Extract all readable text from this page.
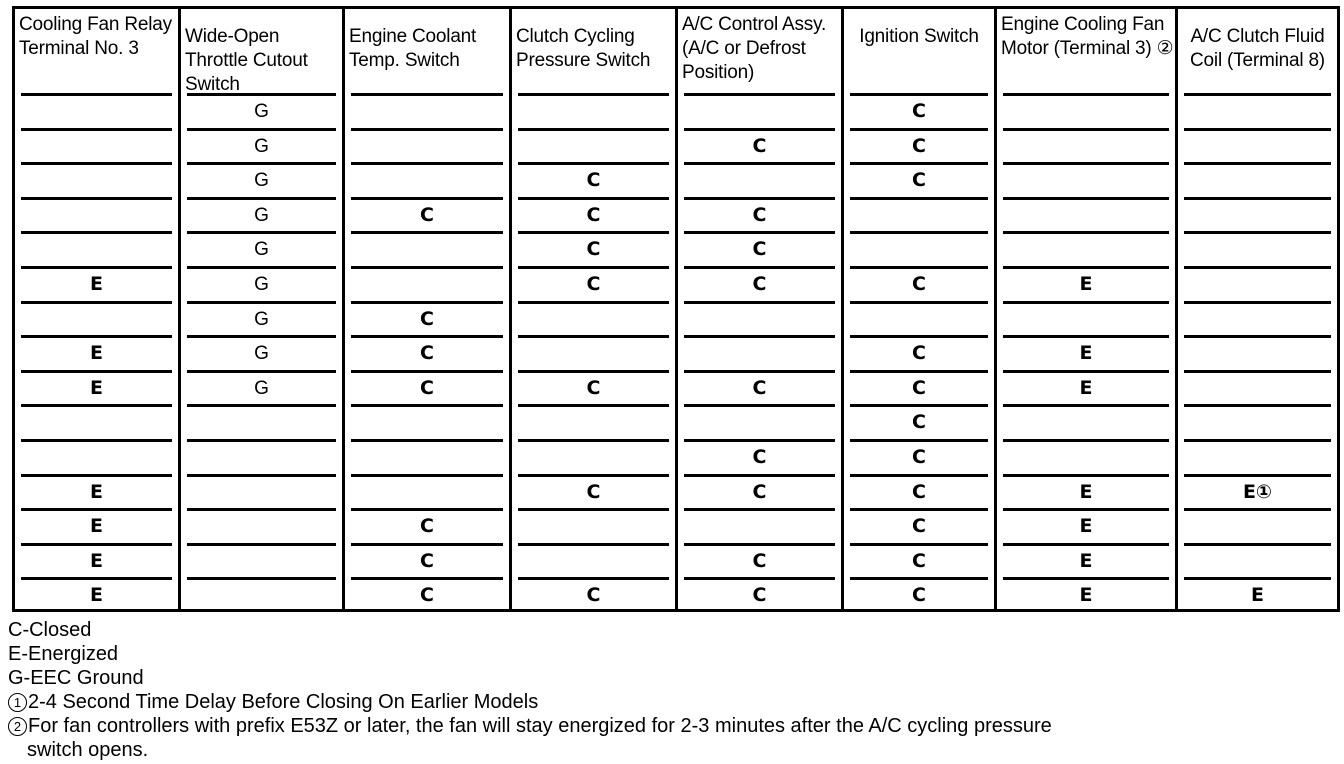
Cooling Fan Relay Terminal No. 3
E
E
E
E
E
E
E
Wide-Open Throttle Cutout Switch
G
G
G
G
G
G
G
G
G
Engine Coolant Temp. Switch
C
C
C
C
C
C
C
Clutch Cycling Pressure Switch
C
C
C
C
C
C
C
A/C Control Assy. (A/C or Defrost Position)
C
C
C
C
C
C
C
C
C
Ignition Switch
C
C
C
C
C
C
C
C
C
C
C
C
Engine Cooling Fan Motor (Terminal 3) ②
E
E
E
E
E
E
E
A/C Clutch Fluid Coil (Terminal 8)
E①
E
C-Closed
E-Energized
G-EEC Ground
1 2-4 Second Time Delay Before Closing On Earlier Models
2 For fan controllers with prefix E53Z or later, the fan will stay energized for 2-3 minutes after the A/C cycling pressure
switch opens.
